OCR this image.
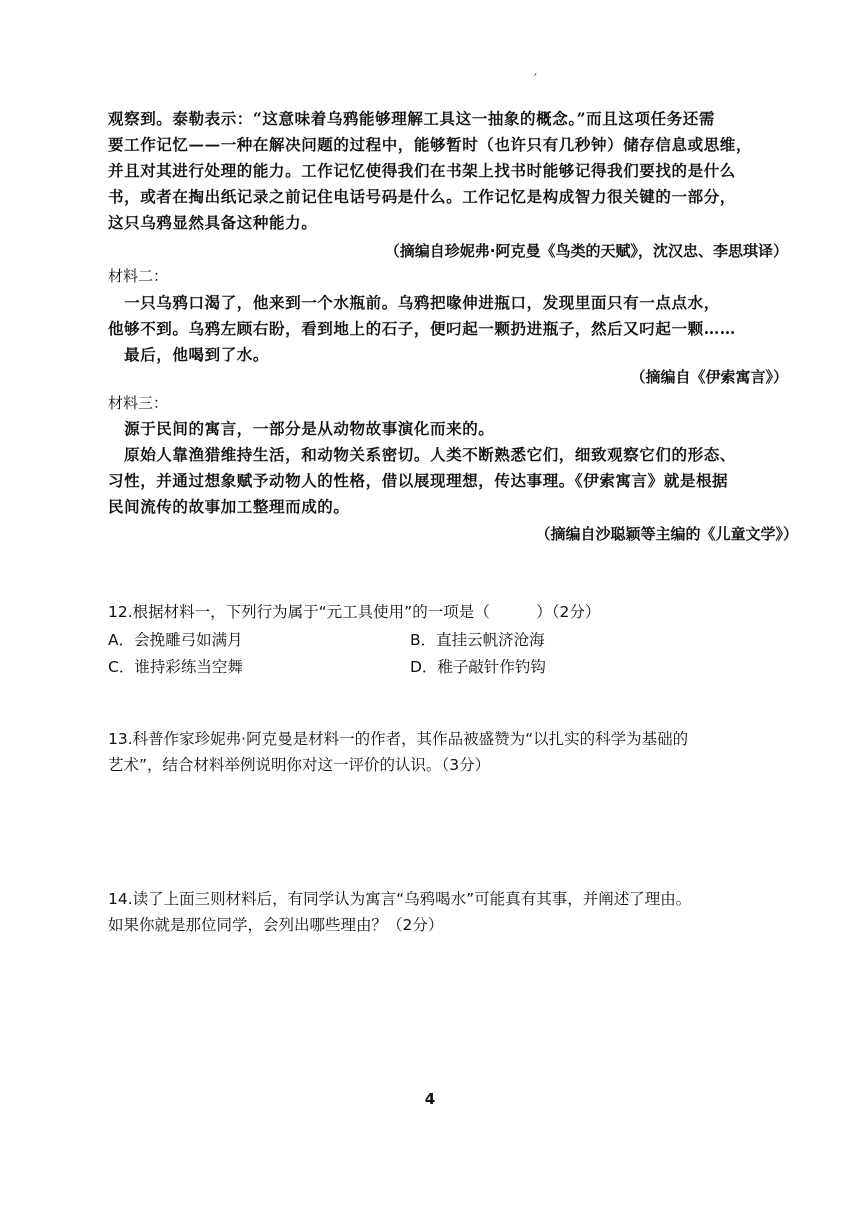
′
观察到。泰勒表示：“这意味着乌鸦能够理解工具这一抽象的概念。”而且这项任务还需
要工作记忆——一种在解决问题的过程中，能够暂时（也许只有几秒钟）储存信息或思维，
并且对其进行处理的能力。工作记忆使得我们在书架上找书时能够记得我们要找的是什么
书，或者在掏出纸记录之前记住电话号码是什么。工作记忆是构成智力很关键的一部分，
这只乌鸦显然具备这种能力。
（摘编自珍妮弗·阿克曼《鸟类的天赋》，沈汉忠、李思琪译）
材料二：
　一只乌鸦口渴了，他来到一个水瓶前。乌鸦把喙伸进瓶口，发现里面只有一点点水，
他够不到。乌鸦左顾右盼，看到地上的石子，便叼起一颗扔进瓶子，然后又叼起一颗……
　最后，他喝到了水。
（摘编自《伊索寓言》）
材料三：
　源于民间的寓言，一部分是从动物故事演化而来的。
　原始人靠渔猎维持生活，和动物关系密切。人类不断熟悉它们，细致观察它们的形态、
习性，并通过想象赋予动物人的性格，借以展现理想，传达事理。《伊索寓言》就是根据
民间流传的故事加工整理而成的。
（摘编自沙聪颖等主编的《儿童文学》）
12.根据材料一，下列行为属于“元工具使用”的一项是（　　　）（2分）
A．会挽雕弓如满月	B．直挂云帆济沧海
C．谁持彩练当空舞	D．稚子敲针作钓钩
13.科普作家珍妮弗·阿克曼是材料一的作者，其作品被盛赞为“以扎实的科学为基础的
艺术”，结合材料举例说明你对这一评价的认识。（3分）
14.读了上面三则材料后，有同学认为寓言“乌鸦喝水”可能真有其事，并阐述了理由。
如果你就是那位同学，会列出哪些理由？（2分）
4
